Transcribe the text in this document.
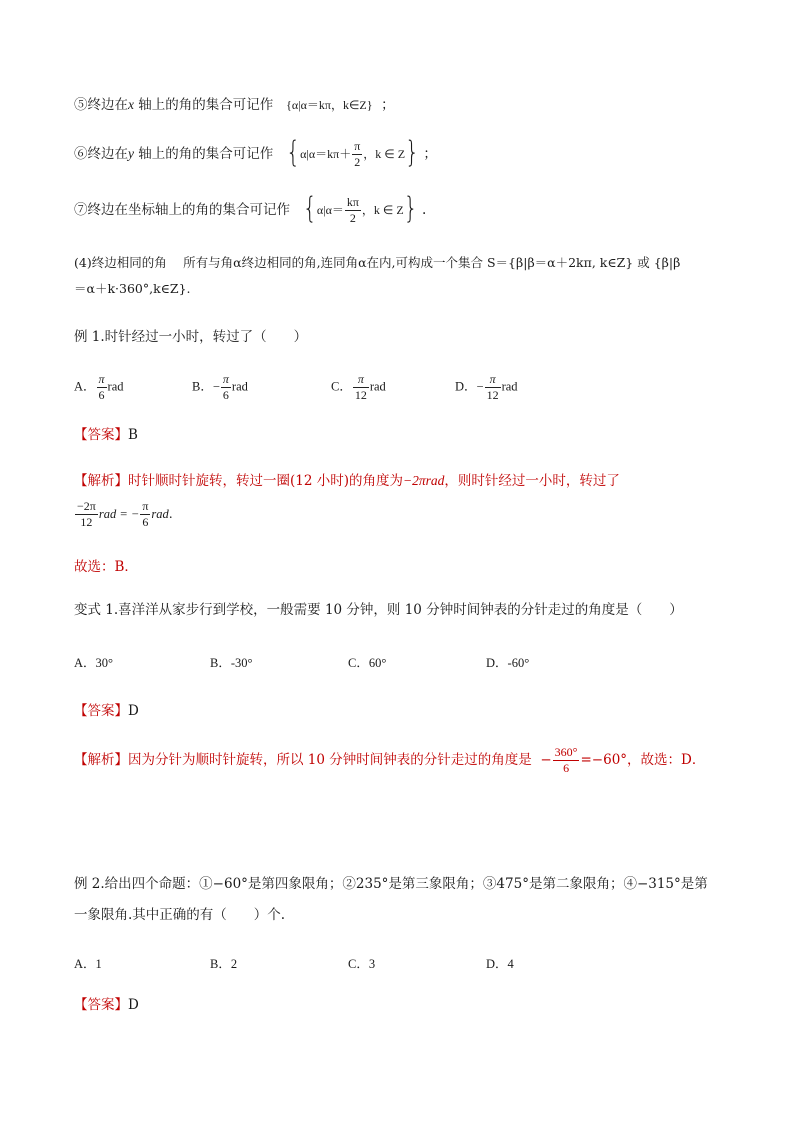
⑤终边在x 轴上的角的集合可记作 {α|α＝kπ，k∈Z} ；
⑥终边在y 轴上的角的集合可记作 {$\alpha|\alpha=k\pi+ \frac{\pi}{2}$ ，k ∈ Z} ；
⑦终边在坐标轴上的角的集合可记作 {$\alpha|\alpha= \frac{k\pi}{2}$ ，k ∈ Z} .
(4)终边相同的角　 所有与角α终边相同的角,连同角α在内,可构成一个集合 S＝{β|β＝α＋2kπ, k∈Z} 或 {β|β
＝α＋k·360°,k∈Z}.
例 1.时针经过一小时，转过了（　　）
A． $\frac{\pi}{6}$ rad	B．− $\frac{\pi}{6}$ rad	C． $\frac{\pi}{12}$ rad	D．− $\frac{\pi}{12}$ rad
【答案】B
【解析】时针顺时针旋转，转过一圈(12 小时)的角度为−2πrad，则时针经过一小时，转过了
$\frac{-2\pi}{12}$ rad = − $\frac{\pi}{6}$ rad.
故选：B．
变式 1.喜洋洋从家步行到学校，一般需要 10 分钟，则 10 分钟时间钟表的分针走过的角度是（　　）
A．30°	B．-30°	C．60°	D．-60°
【答案】D
【解析】因为分针为顺时针旋转，所以 10 分钟时间钟表的分针走过的角度是 − $\frac{360^\circ}{6} =-60^\circ$，故选：D．
例 2.给出四个命题：①−60°是第四象限角；②235°是第三象限角；③475°是第二象限角；④−315°是第
一象限角.其中正确的有（　　）个.
A．1	B．2	C．3	D．4
【答案】D
